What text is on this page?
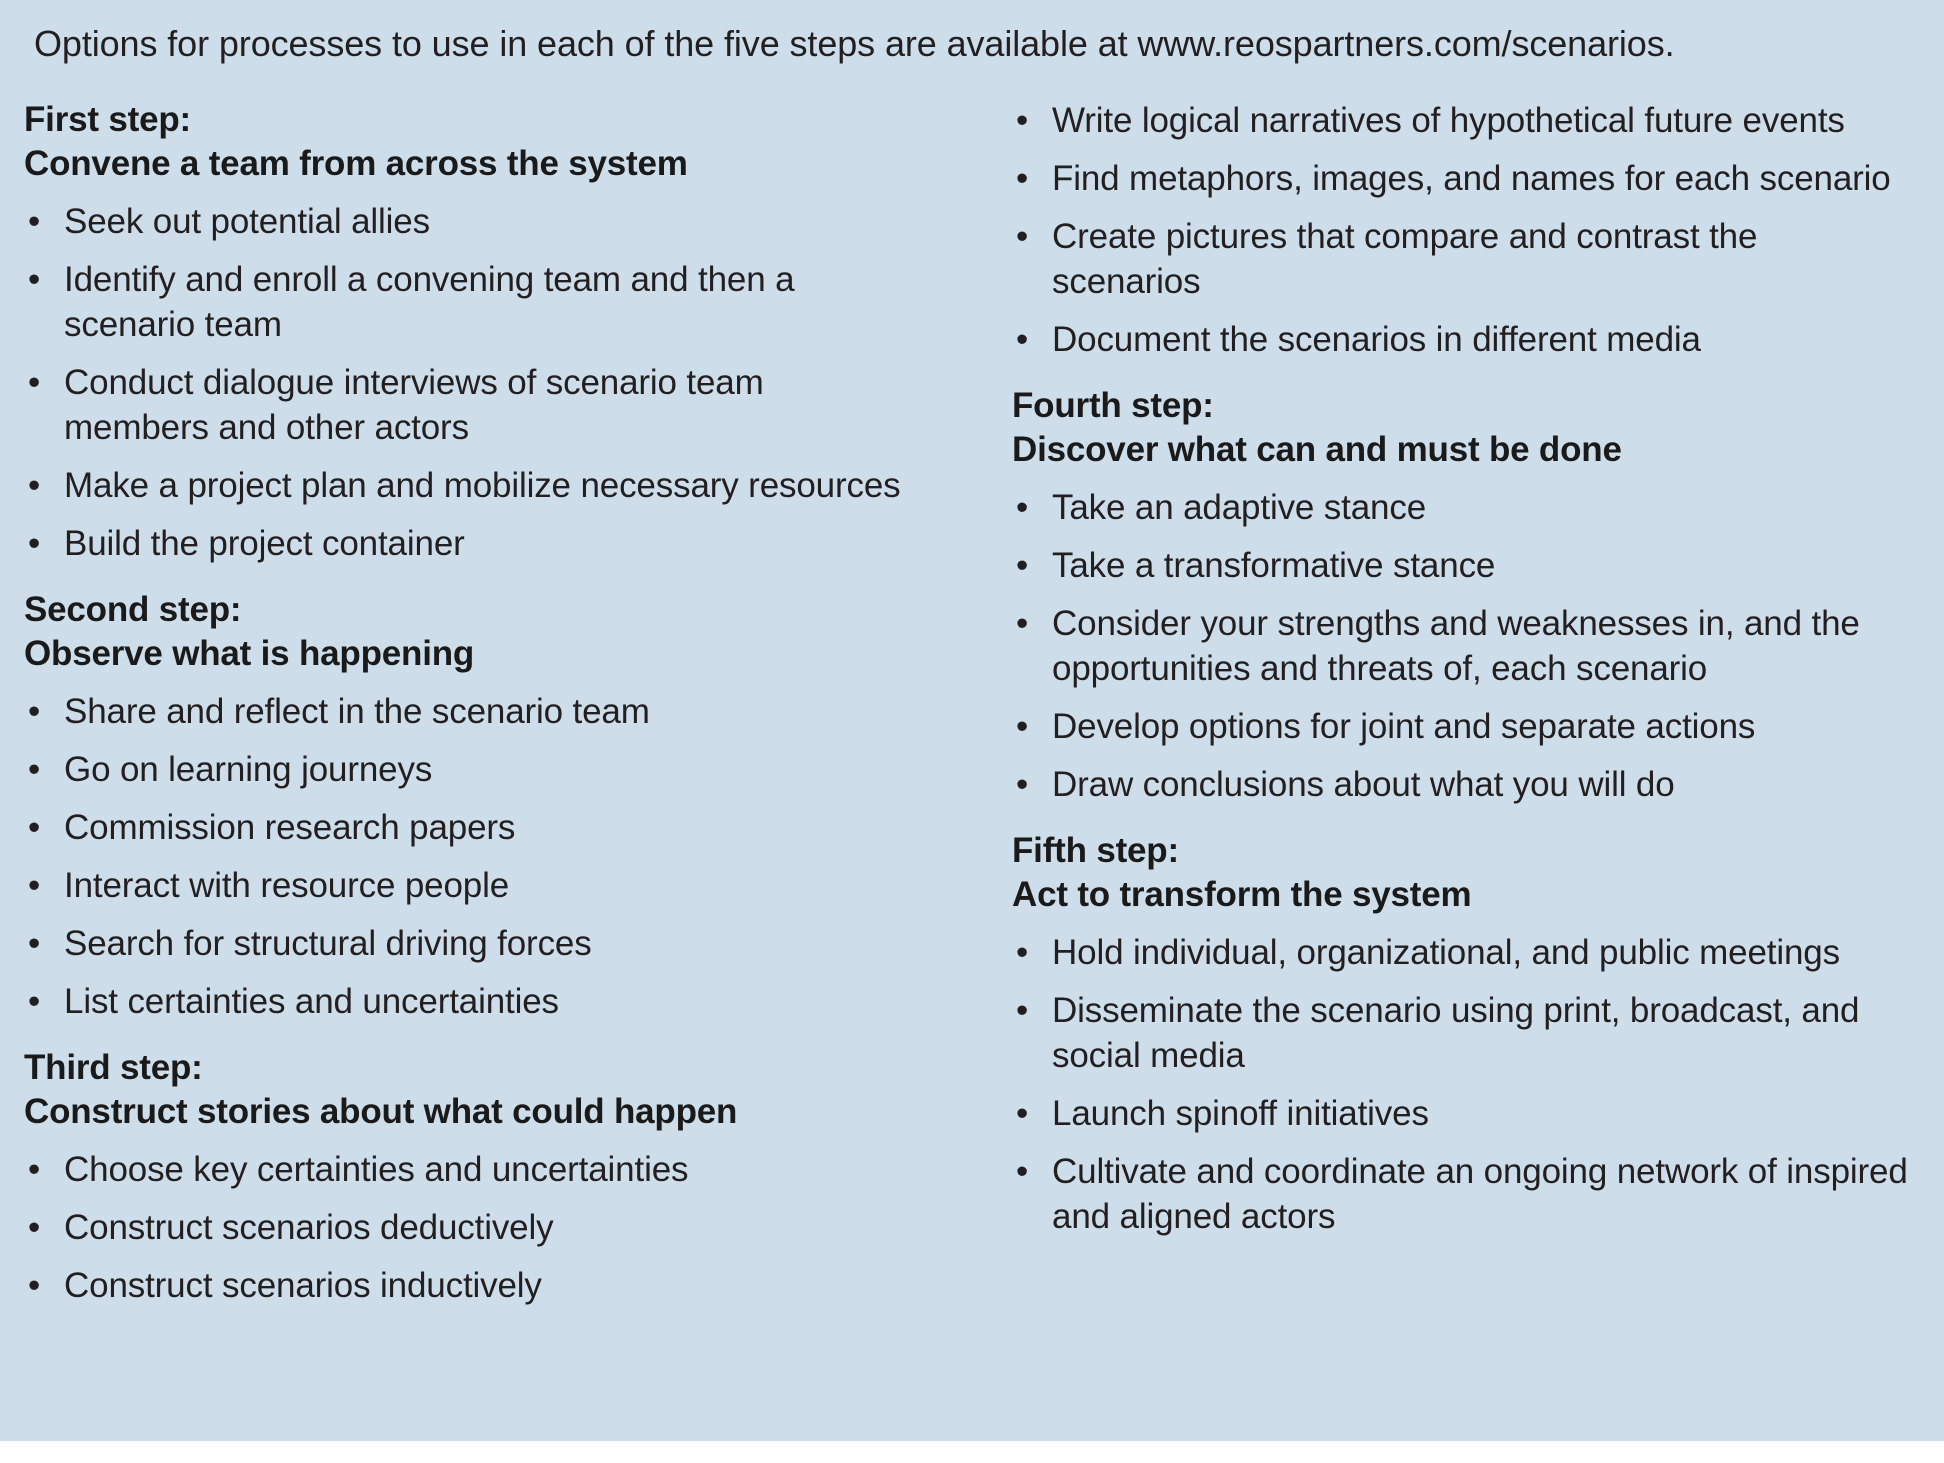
Options for processes to use in each of the five steps are available at www.reospartners.com/scenarios.
First step:
Convene a team from across the system
• Seek out potential allies
• Identify and enroll a convening team and then a scenario team
• Conduct dialogue interviews of scenario team members and other actors
• Make a project plan and mobilize necessary resources
• Build the project container
Second step:
Observe what is happening
• Share and reflect in the scenario team
• Go on learning journeys
• Commission research papers
• Interact with resource people
• Search for structural driving forces
• List certainties and uncertainties
Third step:
Construct stories about what could happen
• Choose key certainties and uncertainties
• Construct scenarios deductively
• Construct scenarios inductively
• Write logical narratives of hypothetical future events
• Find metaphors, images, and names for each scenario
• Create pictures that compare and contrast the scenarios
• Document the scenarios in different media
Fourth step:
Discover what can and must be done
• Take an adaptive stance
• Take a transformative stance
• Consider your strengths and weaknesses in, and the opportunities and threats of, each scenario
• Develop options for joint and separate actions
• Draw conclusions about what you will do
Fifth step:
Act to transform the system
• Hold individual, organizational, and public meetings
• Disseminate the scenario using print, broadcast, and social media
• Launch spinoff initiatives
• Cultivate and coordinate an ongoing network of inspired and aligned actors
